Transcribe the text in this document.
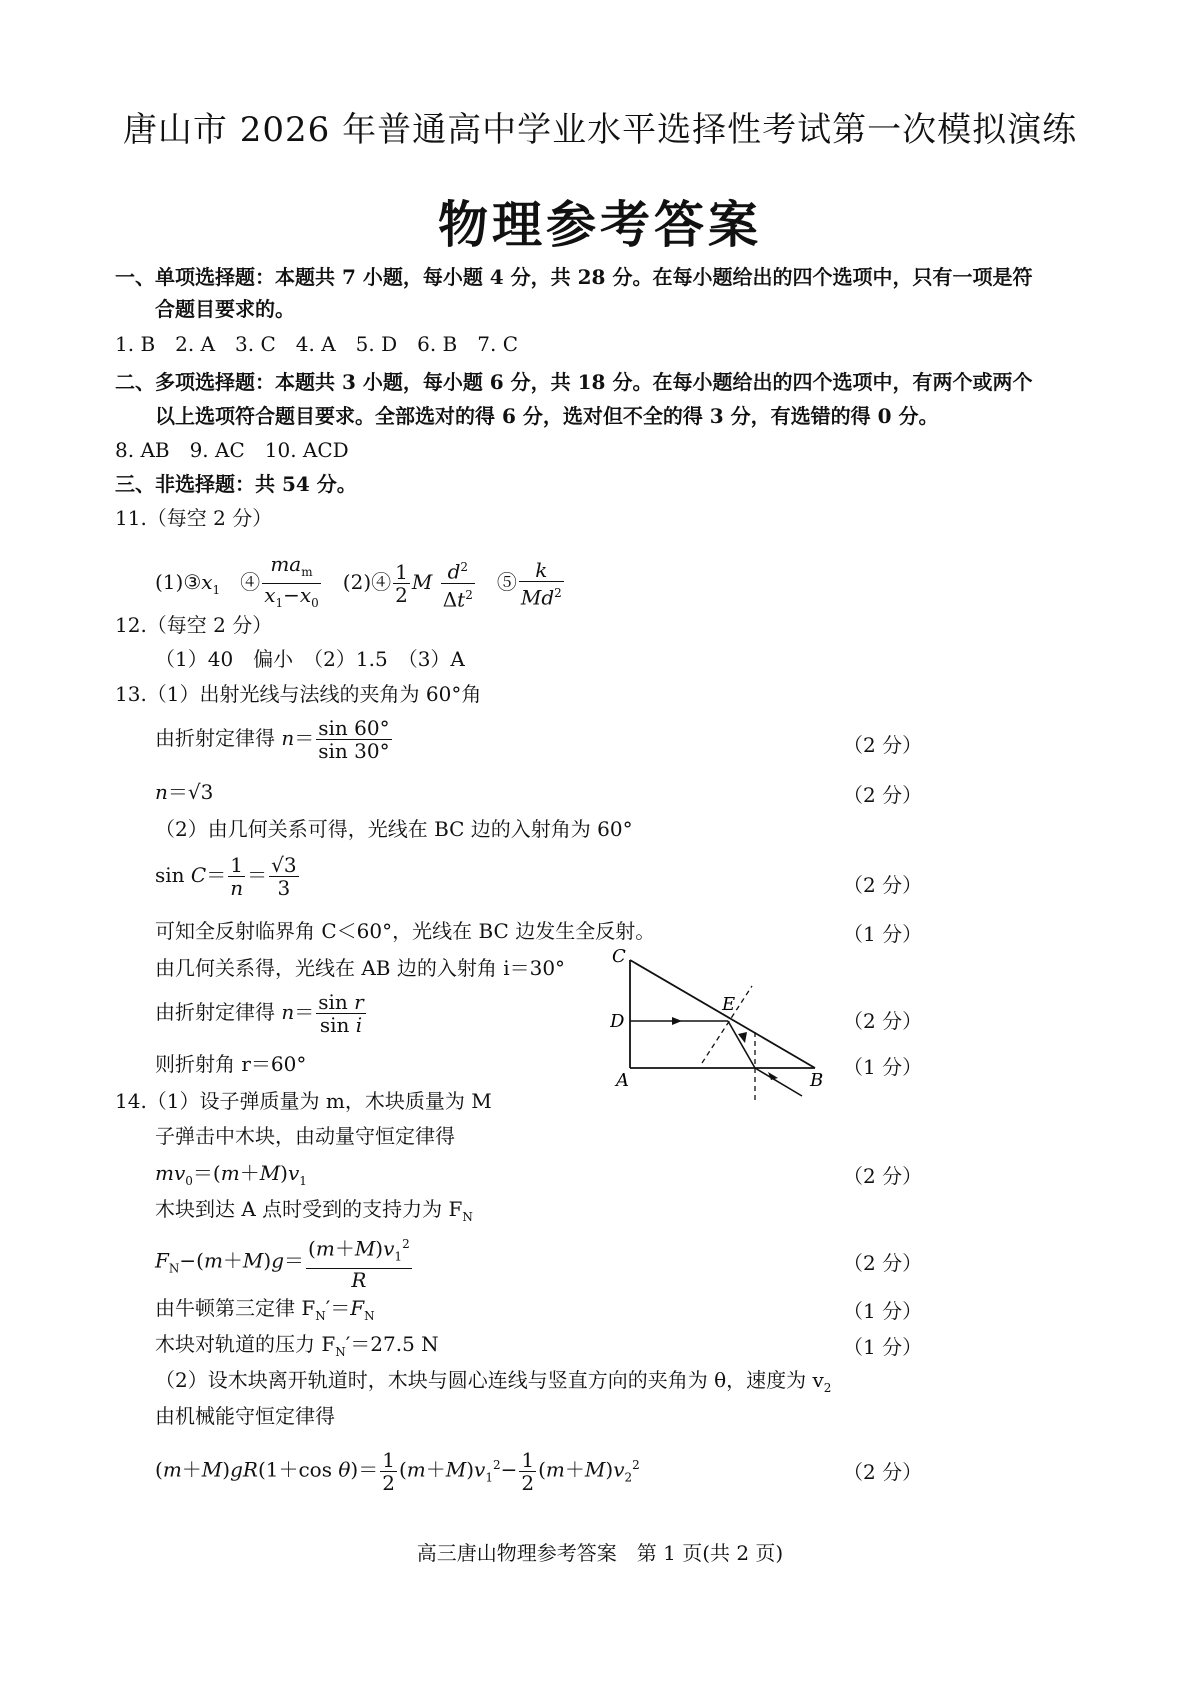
唐山市 2026 年普通高中学业水平选择性考试第一次模拟演练
物理参考答案
一、单项选择题：本题共 7 小题，每小题 4 分，共 28 分。在每小题给出的四个选项中，只有一项是符
合题目要求的。
1. B　2. A　3. C　4. A　5. D　6. B　7. C
二、多项选择题：本题共 3 小题，每小题 6 分，共 18 分。在每小题给出的四个选项中，有两个或两个
以上选项符合题目要求。全部选对的得 6 分，选对但不全的得 3 分，有选错的得 0 分。
8. AB　9. AC　10. ACD
三、非选择题：共 54 分。
11.（每空 2 分）
$(1)③x_1$　④ $\frac{ma_m}{x_1-x_0}$ 　(2)④ $\frac{1}{2}$ M $\frac{d^2}{\Delta t^2}$ 　⑤ $\frac{k}{Md^2}$
12.（每空 2 分）
（1）40　偏小　（2）1.5　（3）A
13.（1）出射光线与法线的夹角为 60°角
由折射定律得 $n= \frac{\sin 60^\circ}{\sin 30^\circ}$	（2 分）
n＝√3	（2 分）
（2）由几何关系可得，光线在 BC 边的入射角为 60°
$\sin C= \frac{1}{n} = \frac{√3}{3}$	（2 分）
可知全反射临界角 C＜60°，光线在 BC 边发生全反射。	（1 分）
由几何关系得，光线在 AB 边的入射角 i＝30°
由折射定律得 $n= \frac{\text{sin r}}{\text{sin i}}$	（2 分）
则折射角 r＝60°	（1 分）
C
D
A	B
E
14.（1）设子弹质量为 m，木块质量为 M
子弹击中木块，由动量守恒定律得
$mv_0=(m+M)v_1$	（2 分）
木块到达 A 点时受到的支持力为 $F_N$
$F_N-(m+M)g= \frac{(m+M)v_1^2}{R}$	（2 分）
由牛顿第三定律 $F_N'=F_N$	（1 分）
木块对轨道的压力 $F_N'=27.5$ N	（1 分）
（2）设木块离开轨道时，木块与圆心连线与竖直方向的夹角为 θ，速度为 $v_2$
由机械能守恒定律得
(m＋M)gR(1＋cos $\theta)= \frac{1}{2} (m+M)v_1^2- \frac{1}{2} (m+M)v_2^2$	（2 分）
高三唐山物理参考答案　第 1 页(共 2 页)
